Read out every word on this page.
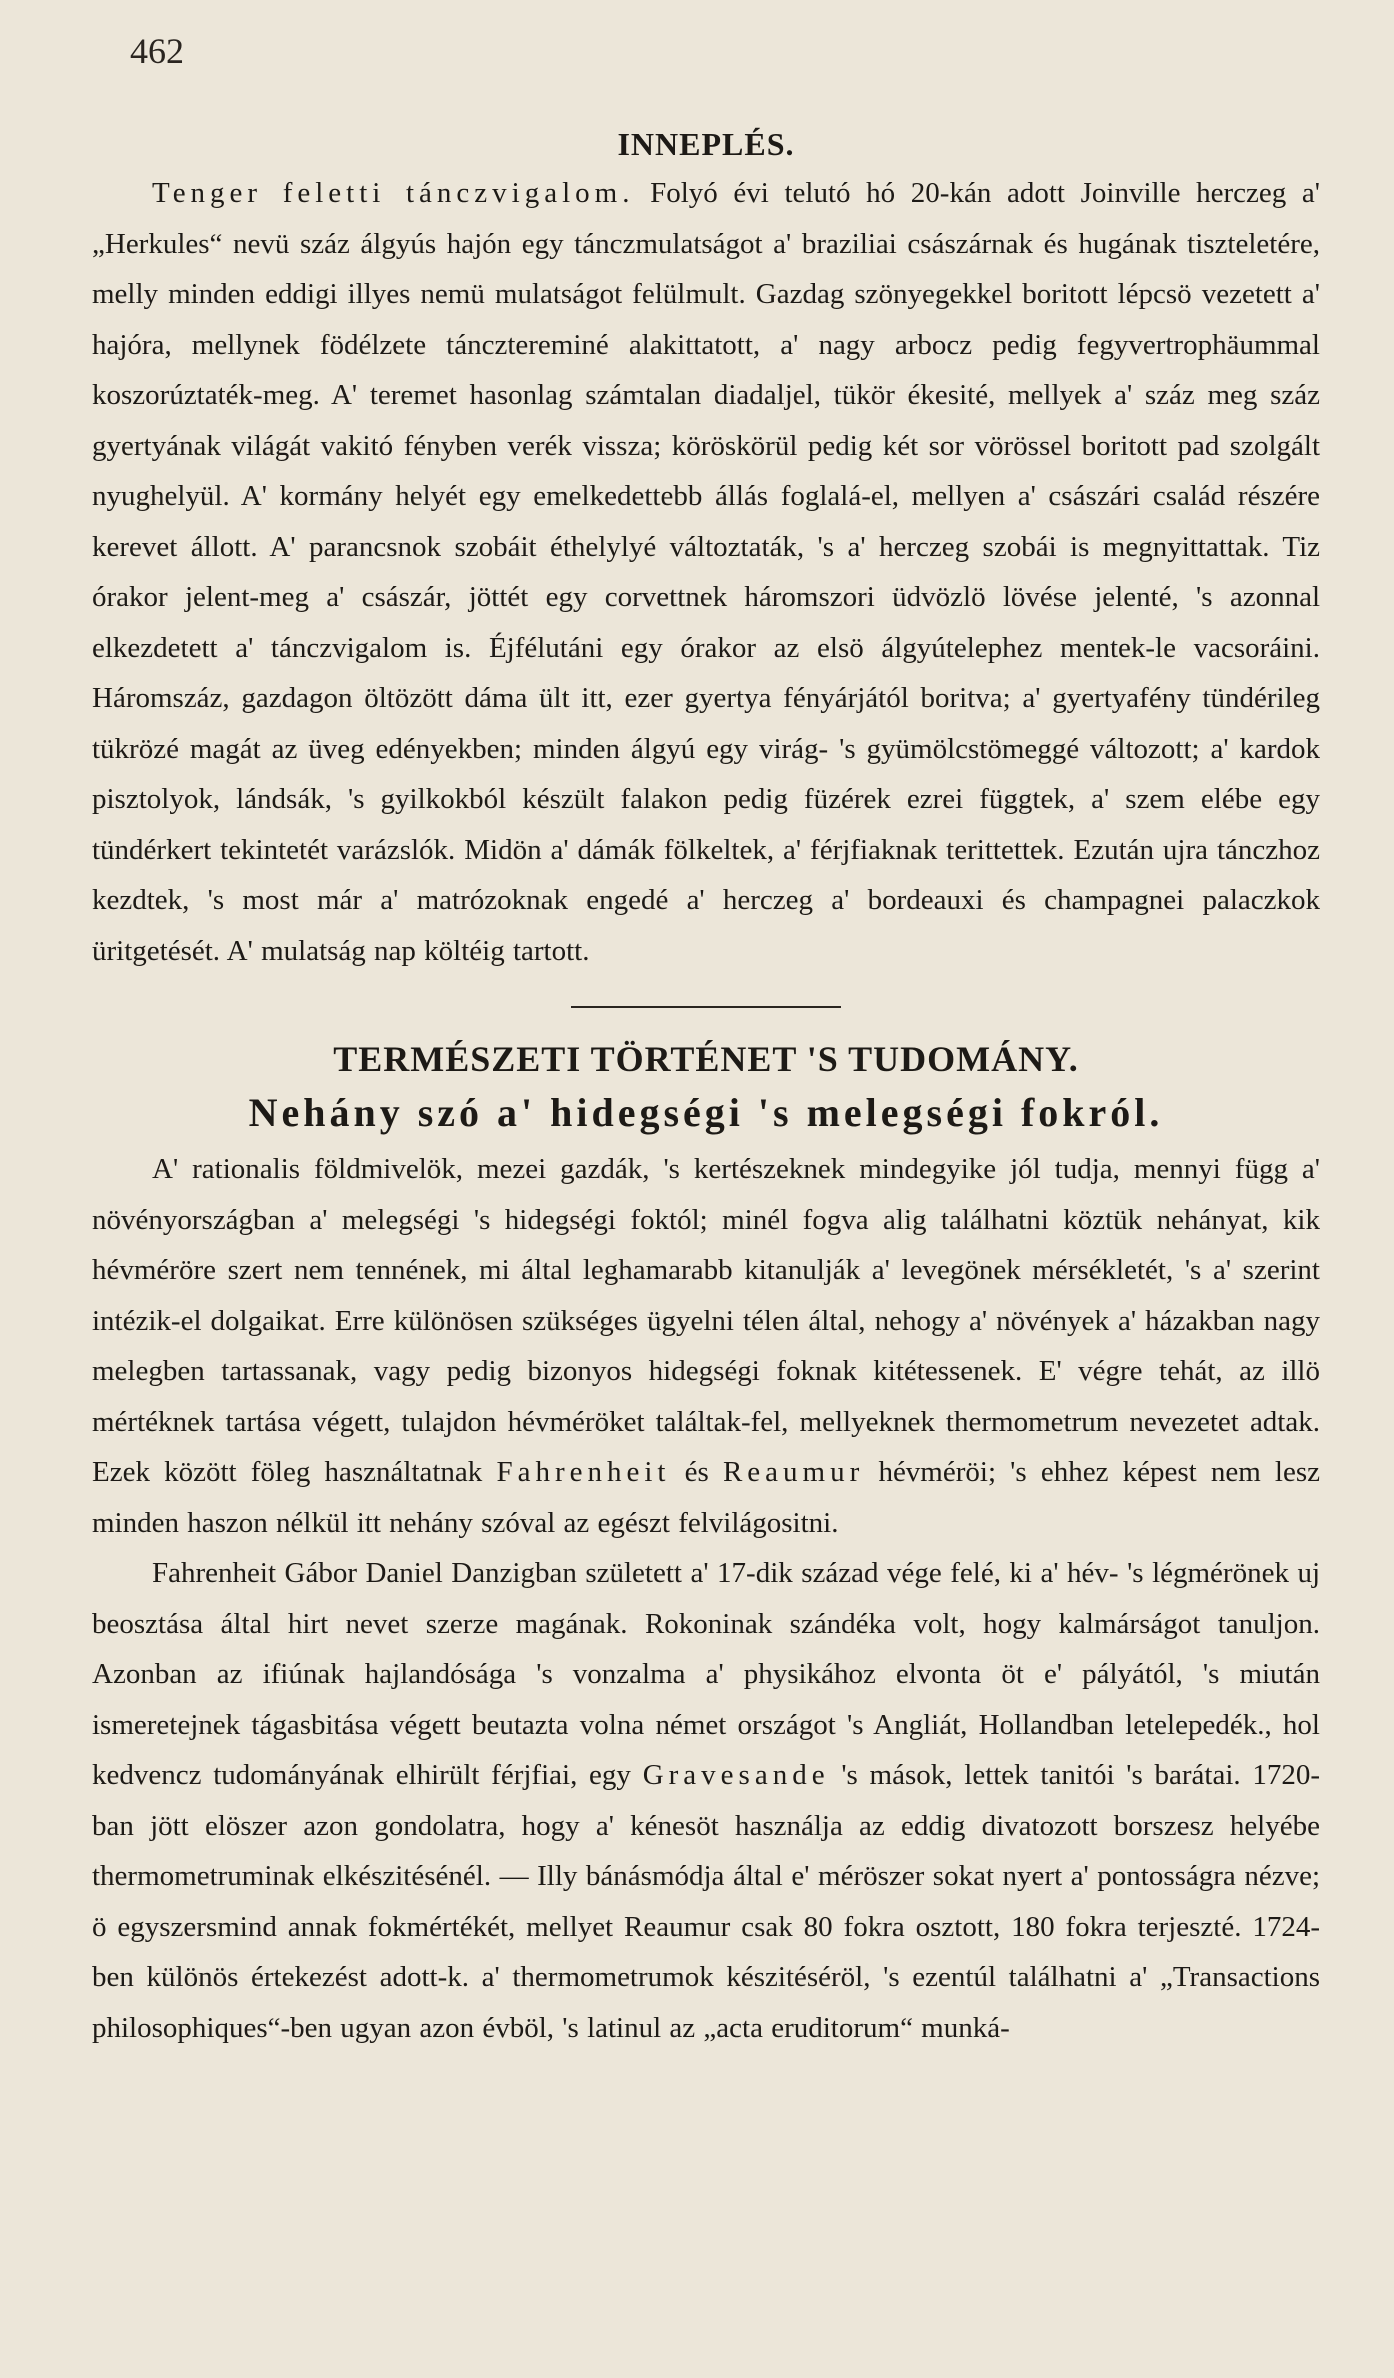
462
INNEPLÉS.

Tenger feletti tánczvigalom. Folyó évi telutó hó 20-kán adott Joinville herczeg a' „Herkules“ nevü száz álgyús hajón egy tánczmulatságot a' braziliai császárnak és hugának tiszteletére, melly minden eddigi illyes nemü mulatságot felülmult. Gazdag szönyegekkel boritott lépcsö vezetett a' hajóra, mellynek födélzete táncztereminé alakittatott, a' nagy arbocz pedig fegyvertrophäummal koszorúztaték-meg. A' teremet hasonlag számtalan diadaljel, tükör ékesité, mellyek a' száz meg száz gyertyának világát vakitó fényben verék vissza; köröskörül pedig két sor vörössel boritott pad szolgált nyughelyül. A' kormány helyét egy emelkedettebb állás foglalá-el, mellyen a' császári család részére kerevet állott. A' parancsnok szobáit éthelylyé változtaták, 's a' herczeg szobái is megnyittattak. Tiz órakor jelent-meg a' császár, jöttét egy corvettnek háromszori üdvözlö lövése jelenté, 's azonnal elkezdetett a' tánczvigalom is. Éjfélutáni egy órakor az elsö álgyútelephez mentek-le vacsoráini. Háromszáz, gazdagon öltözött dáma ült itt, ezer gyertya fényárjától boritva; a' gyertyafény tündérileg tükrözé magát az üveg edényekben; minden álgyú egy virág- 's gyümölcstömeggé változott; a' kardok pisztolyok, lándsák, 's gyilkokból készült falakon pedig füzérek ezrei függtek, a' szem elébe egy tündérkert tekintetét varázslók. Midön a' dámák fölkeltek, a' férjfiaknak terittettek. Ezután ujra tánczhoz kezdtek, 's most már a' matrózoknak engedé a' herczeg a' bordeauxi és champagnei palaczkok üritgetését. A' mulatság nap költéig tartott.

TERMÉSZETI TÖRTÉNET 'S TUDOMÁNY.
Nehány szó a' hidegségi 's melegségi fokról.

A' rationalis földmivelök, mezei gazdák, 's kertészeknek mindegyike jól tudja, mennyi függ a' növényországban a' melegségi 's hidegségi foktól; minél fogva alig találhatni köztük nehányat, kik hévméröre szert nem tennének, mi által leghamarabb kitanulják a' levegönek mérsékletét, 's a' szerint intézik-el dolgaikat. Erre különösen szükséges ügyelni télen által, nehogy a' növények a' házakban nagy melegben tartassanak, vagy pedig bizonyos hidegségi foknak kitétessenek. E' végre tehát, az illö mértéknek tartása végett, tulajdon hévméröket találtak-fel, mellyeknek thermometrum nevezetet adtak. Ezek között föleg használtatnak Fahrenheit és Reaumur hévméröi; 's ehhez képest nem lesz minden haszon nélkül itt nehány szóval az egészt felvilágositni.

Fahrenheit Gábor Daniel Danzigban született a' 17-dik század vége felé, ki a' hév- 's légmérönek uj beosztása által hirt nevet szerze magának. Rokoninak szándéka volt, hogy kalmárságot tanuljon. Azonban az ifiúnak hajlandósága 's vonzalma a' physikához elvonta öt e' pályától, 's miután ismeretejnek tágasbitása végett beutazta volna német országot 's Angliát, Hollandban letelepedék., hol kedvencz tudományának elhirült férjfiai, egy Gravesande 's mások, lettek tanitói 's barátai. 1720-ban jött elöszer azon gondolatra, hogy a' kénesöt használja az eddig divatozott borszesz helyébe thermometruminak elkészitésénél. — Illy bánásmódja által e' méröszer sokat nyert a' pontosságra nézve; ö egyszersmind annak fokmértékét, mellyet Reaumur csak 80 fokra osztott, 180 fokra terjeszté. 1724-ben különös értekezést adott-k. a' thermometrumok készitéséröl, 's ezentúl találhatni a' „Transactions philosophiques“-ben ugyan azon évböl, 's latinul az „acta eruditorum“ munká-
